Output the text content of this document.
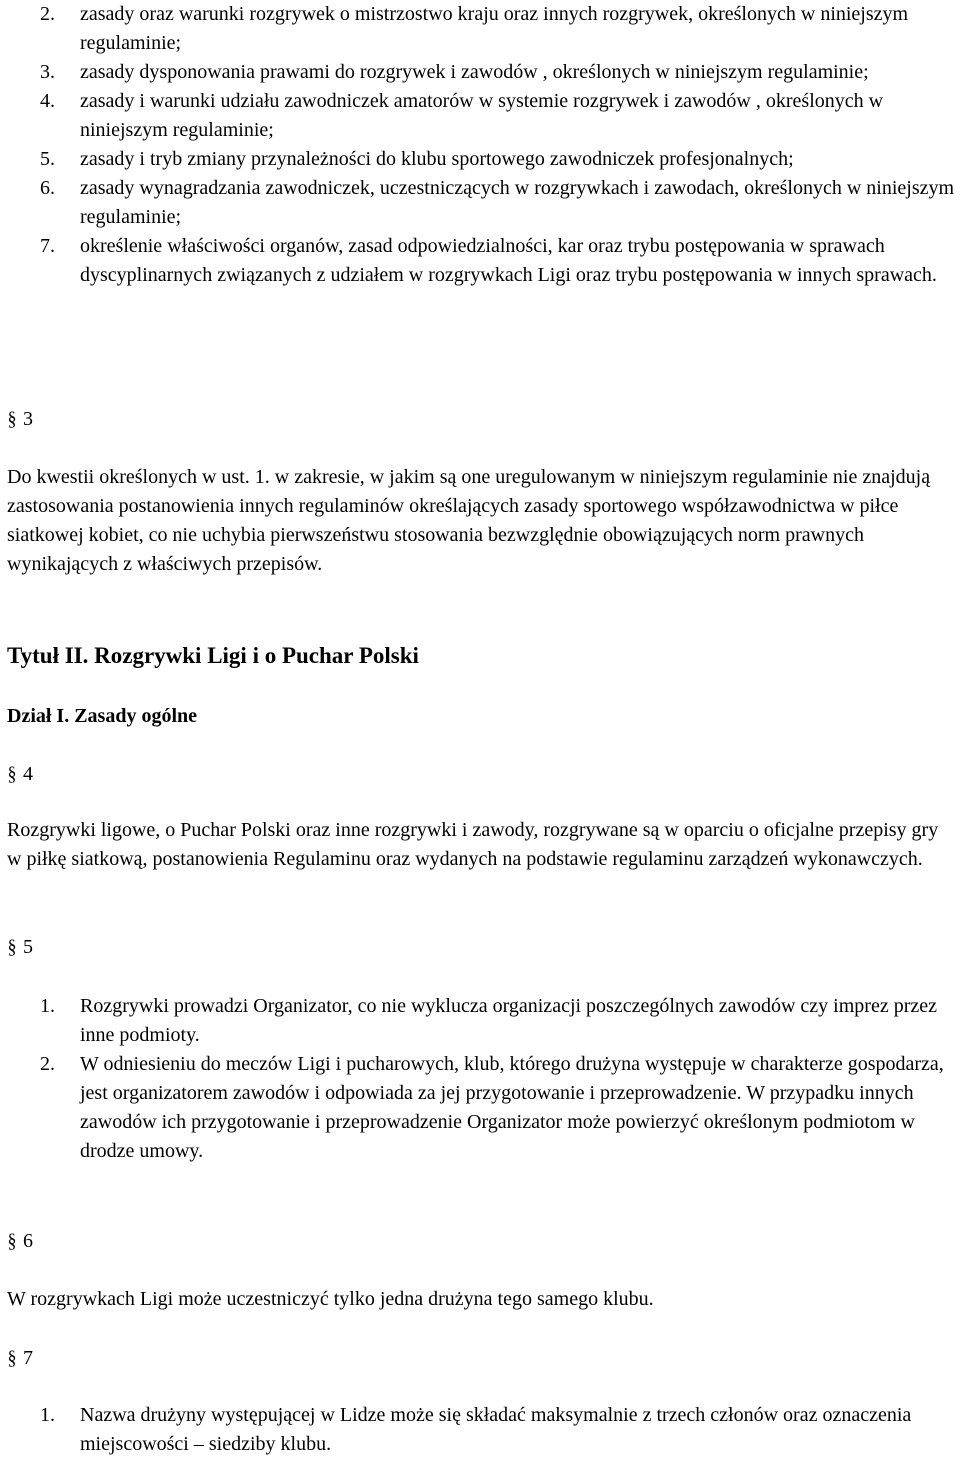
2. zasady oraz warunki rozgrywek o mistrzostwo kraju oraz innych rozgrywek, określonych w niniejszym regulaminie;
3. zasady dysponowania prawami do rozgrywek i zawodów , określonych w niniejszym regulaminie;
4. zasady i warunki udziału zawodniczek amatorów w systemie rozgrywek i zawodów , określonych w niniejszym regulaminie;
5. zasady i tryb zmiany przynależności do klubu sportowego zawodniczek profesjonalnych;
6. zasady wynagradzania zawodniczek, uczestniczących w rozgrywkach i zawodach, określonych w niniejszym regulaminie;
7. określenie właściwości organów, zasad odpowiedzialności, kar oraz trybu postępowania w sprawach dyscyplinarnych związanych z udziałem w rozgrywkach Ligi oraz trybu postępowania w innych sprawach.
§ 3

Do kwestii określonych w ust. 1. w zakresie, w jakim są one uregulowanym w niniejszym regulaminie nie znajdują zastosowania postanowienia innych regulaminów określających zasady sportowego współzawodnictwa w piłce siatkowej kobiet, co nie uchybia pierwszeństwu stosowania bezwzględnie obowiązujących norm prawnych wynikających z właściwych przepisów.

Tytuł II. Rozgrywki Ligi i o Puchar Polski
Dział I. Zasady ogólne
§ 4

Rozgrywki ligowe, o Puchar Polski oraz inne rozgrywki i zawody, rozgrywane są w oparciu o oficjalne przepisy gry w piłkę siatkową, postanowienia Regulaminu oraz wydanych na podstawie regulaminu zarządzeń wykonawczych.

§ 5
1. Rozgrywki prowadzi Organizator, co nie wyklucza organizacji poszczególnych zawodów czy imprez przez inne podmioty.
2. W odniesieniu do meczów Ligi i pucharowych, klub, którego drużyna występuje w charakterze gospodarza, jest organizatorem zawodów i odpowiada za jej przygotowanie i przeprowadzenie. W przypadku innych zawodów ich przygotowanie i przeprowadzenie Organizator może powierzyć określonym podmiotom w drodze umowy.
§ 6

W rozgrywkach Ligi może uczestniczyć tylko jedna drużyna tego samego klubu.

§ 7
1. Nazwa drużyny występującej w Lidze może się składać maksymalnie z trzech członów oraz oznaczenia miejscowości – siedziby klubu.
